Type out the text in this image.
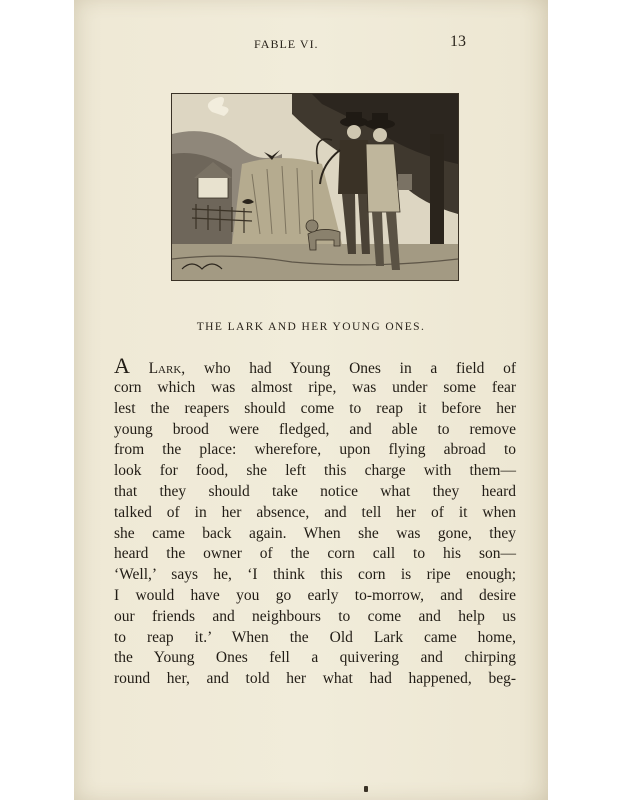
FABLE VI.	13
THE LARK AND HER YOUNG ONES.
A Lark, who had Young Ones in a field of
corn which was almost ripe, was under some fear
lest the reapers should come to reap it before her
young brood were fledged, and able to remove
from the place: wherefore, upon flying abroad to
look for food, she left this charge with them—
that they should take notice what they heard
talked of in her absence, and tell her of it when
she came back again. When she was gone, they
heard the owner of the corn call to his son—
‘Well,’ says he, ‘I think this corn is ripe enough;
I would have you go early to-morrow, and desire
our friends and neighbours to come and help us
to reap it.’ When the Old Lark came home,
the Young Ones fell a quivering and chirping
round her, and told her what had happened, beg-
